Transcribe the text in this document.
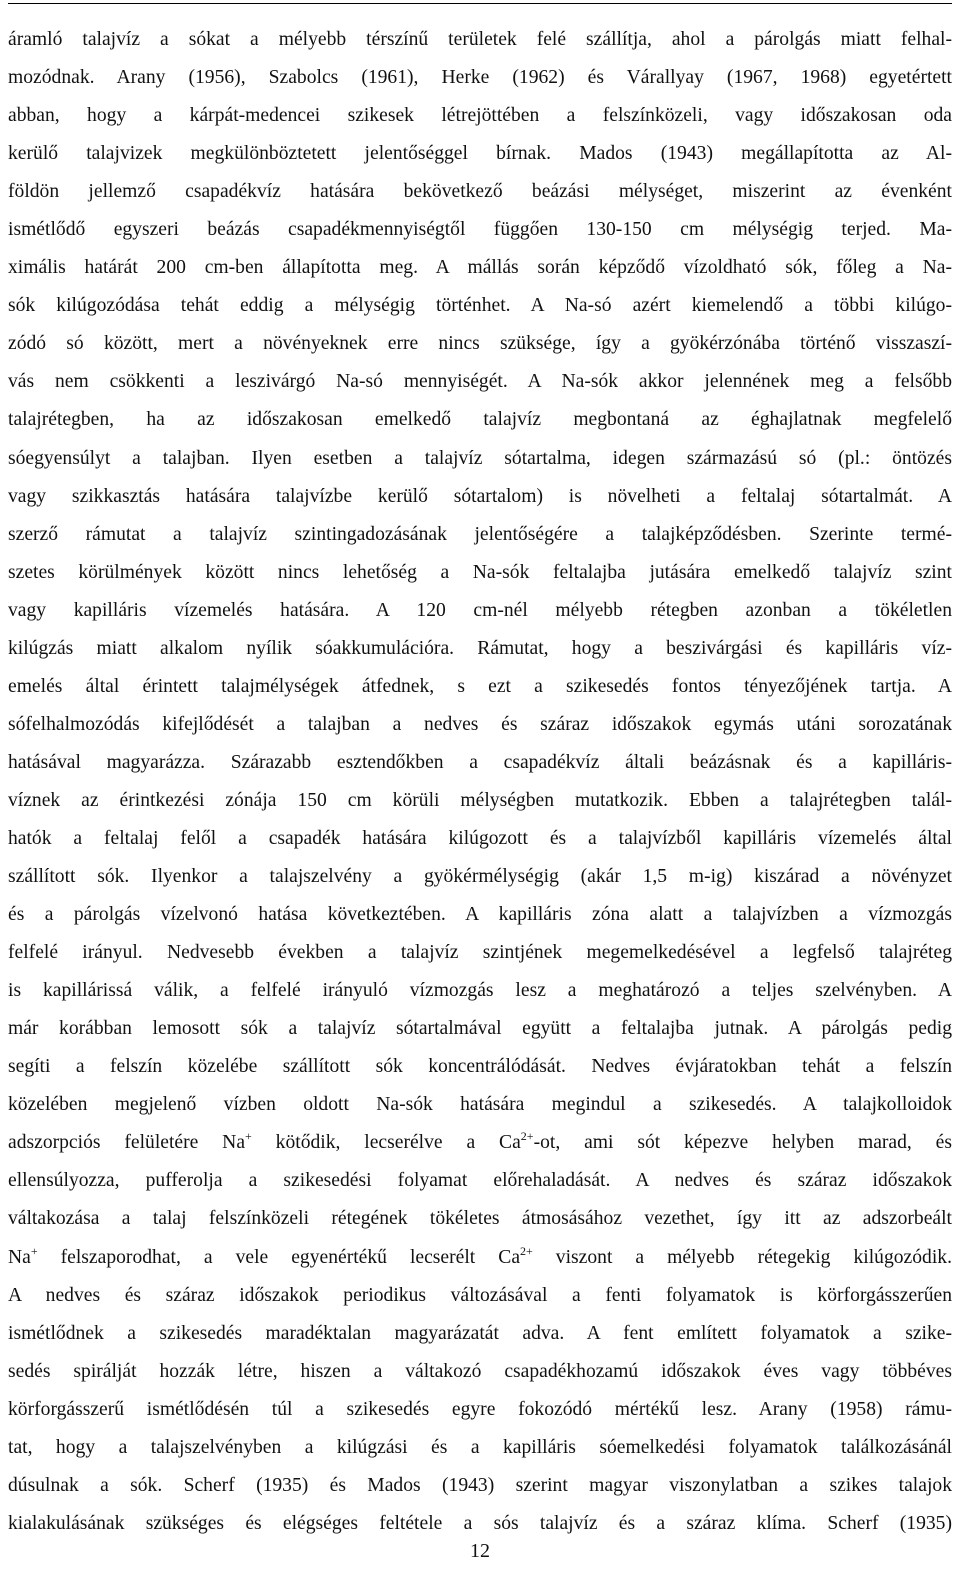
áramló talajvíz a sókat a mélyebb térszínű területek felé szállítja, ahol a párolgás miatt felhal-
mozódnak. Arany (1956), Szabolcs (1961), Herke (1962) és Várallyay (1967, 1968) egyetértett
abban, hogy a kárpát-medencei szikesek létrejöttében a felszínközeli, vagy időszakosan oda
kerülő talajvizek megkülönböztetett jelentőséggel bírnak. Mados (1943) megállapította az Al-
földön jellemző csapadékvíz hatására bekövetkező beázási mélységet, miszerint az évenként
ismétlődő egyszeri beázás csapadékmennyiségtől függően 130-150 cm mélységig terjed. Ma-
ximális határát 200 cm-ben állapította meg. A mállás során képződő vízoldható sók, főleg a Na-
sók kilúgozódása tehát eddig a mélységig történhet. A Na-só azért kiemelendő a többi kilúgo-
zódó só között, mert a növényeknek erre nincs szüksége, így a gyökérzónába történő visszaszí-
vás nem csökkenti a leszivárgó Na-só mennyiségét. A Na-sók akkor jelennének meg a felsőbb
talajrétegben, ha az időszakosan emelkedő talajvíz megbontaná az éghajlatnak megfelelő
sóegyensúlyt a talajban. Ilyen esetben a talajvíz sótartalma, idegen származású só (pl.: öntözés
vagy szikkasztás hatására talajvízbe kerülő sótartalom) is növelheti a feltalaj sótartalmát. A
szerző rámutat a talajvíz szintingadozásának jelentőségére a talajképződésben. Szerinte termé-
szetes körülmények között nincs lehetőség a Na-sók feltalajba jutására emelkedő talajvíz szint
vagy kapilláris vízemelés hatására. A 120 cm-nél mélyebb rétegben azonban a tökéletlen
kilúgzás miatt alkalom nyílik sóakkumulációra. Rámutat, hogy a beszivárgási és kapilláris víz-
emelés által érintett talajmélységek átfednek, s ezt a szikesedés fontos tényezőjének tartja. A
sófelhalmozódás kifejlődését a talajban a nedves és száraz időszakok egymás utáni sorozatának
hatásával magyarázza. Szárazabb esztendőkben a csapadékvíz általi beázásnak és a kapilláris-
víznek az érintkezési zónája 150 cm körüli mélységben mutatkozik. Ebben a talajrétegben talál-
hatók a feltalaj felől a csapadék hatására kilúgozott és a talajvízből kapilláris vízemelés által
szállított sók. Ilyenkor a talajszelvény a gyökérmélységig (akár 1,5 m-ig) kiszárad a növényzet
és a párolgás vízelvonó hatása következtében. A kapilláris zóna alatt a talajvízben a vízmozgás
felfelé irányul. Nedvesebb években a talajvíz szintjének megemelkedésével a legfelső talajréteg
is kapillárissá válik, a felfelé irányuló vízmozgás lesz a meghatározó a teljes szelvényben. A
már korábban lemosott sók a talajvíz sótartalmával együtt a feltalajba jutnak. A párolgás pedig
segíti a felszín közelébe szállított sók koncentrálódását. Nedves évjáratokban tehát a felszín
közelében megjelenő vízben oldott Na-sók hatására megindul a szikesedés. A talajkolloidok
adszorpciós felületére Na+ kötődik, lecserélve a $Ca^{2+}-ot$, ami sót képezve helyben marad, és
ellensúlyozza, pufferolja a szikesedési folyamat előrehaladását. A nedves és száraz időszakok
váltakozása a talaj felszínközeli rétegének tökéletes átmosásához vezethet, így itt az adszorbeált
Na+ felszaporodhat, a vele egyenértékű lecserélt $Ca^{2+}$ viszont a mélyebb rétegekig kilúgozódik.
A nedves és száraz időszakok periodikus változásával a fenti folyamatok is körforgásszerűen
ismétlődnek a szikesedés maradéktalan magyarázatát adva. A fent említett folyamatok a szike-
sedés spirálját hozzák létre, hiszen a váltakozó csapadékhozamú időszakok éves vagy többéves
körforgásszerű ismétlődésén túl a szikesedés egyre fokozódó mértékű lesz. Arany (1958) rámu-
tat, hogy a talajszelvényben a kilúgzási és a kapilláris sóemelkedési folyamatok találkozásánál
dúsulnak a sók. Scherf (1935) és Mados (1943) szerint magyar viszonylatban a szikes talajok
kialakulásának szükséges és elégséges feltétele a sós talajvíz és a száraz klíma. Scherf (1935)
12
